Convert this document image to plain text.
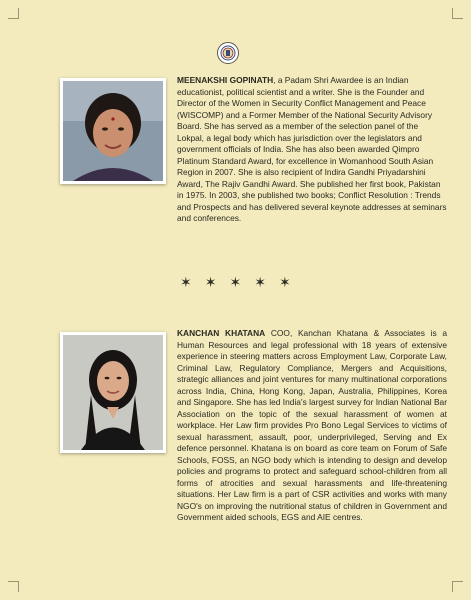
MEENAKSHI GOPINATH, a Padam Shri Awardee is an Indian educationist, political scientist and a writer. She is the Founder and Director of the Women in Security Conflict Management and Peace (WISCOMP) and a Former Member of the National Security Advisory Board. She has served as a member of the selection panel of the Lokpal, a legal body which has jurisdiction over the legislators and government officials of India. She has also been awarded Qimpro Platinum Standard Award, for excellence in Womanhood South Asian Region in 2007. She is also recipient of Indira Gandhi Priyadarshini Award, The Rajiv Gandhi Award. She published her first book, Pakistan in 1975. In 2003, she published two books; Conflict Resolution : Trends and Prospects and has delivered several keynote addresses at seminars and conferences.

✶ ✶ ✶ ✶ ✶

KANCHAN KHATANA COO, Kanchan Khatana & Associates is a Human Resources and legal professional with 18 years of extensive experience in steering matters across Employment Law, Corporate Law, Criminal Law, Regulatory Compliance, Mergers and Acquisitions, strategic alliances and joint ventures for many multinational corporations across India, China, Hong Kong, Japan, Australia, Philippines, Korea and Singapore. She has led India's largest survey for Indian National Bar Association on the topic of the sexual harassment of women at workplace. Her Law firm provides Pro Bono Legal Services to victims of sexual harassment, assault, poor, underprivileged, Serving and Ex defence personnel. Khatana is on board as core team on Forum of Safe Schools, FOSS, an NGO body which is intending to design and develop policies and programs to protect and safeguard school-children from all forms of atrocities and sexual harassments and life-threatening situations. Her Law firm is a part of CSR activities and works with many NGO's on improving the nutritional status of children in Government and Government aided schools, EGS and AIE centres.
